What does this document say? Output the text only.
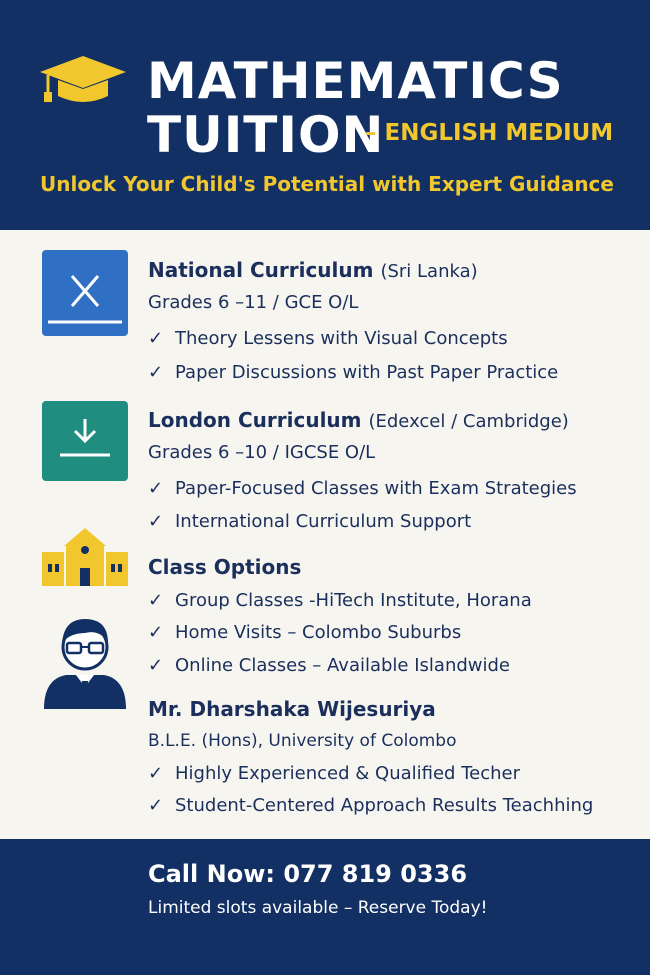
MATHEMATICS
TUITION
– ENGLISH MEDIUM
Unlock Your Child's Potential with Expert Guidance
National Curriculum (Sri Lanka)
Grades 6 –11 / GCE O/L
✓ Theory Lessens with Visual Concepts
✓ Paper Discussions with Past Paper Practice
London Curriculum (Edexcel / Cambridge)
Grades 6 –10 / IGCSE O/L
✓ Paper-Focused Classes with Exam Strategies
✓ International Curriculum Support
Class Options
✓ Group Classes -HiTech Institute, Horana
✓ Home Visits – Colombo Suburbs
✓ Online Classes – Available Islandwide
Mr. Dharshaka Wijesuriya
B.L.E. (Hons), University of Colombo
✓ Highly Experienced & Qualified Techer
✓ Student-Centered Approach Results Teachhing
Call Now: 077 819 0336
Limited slots available – Reserve Today!
